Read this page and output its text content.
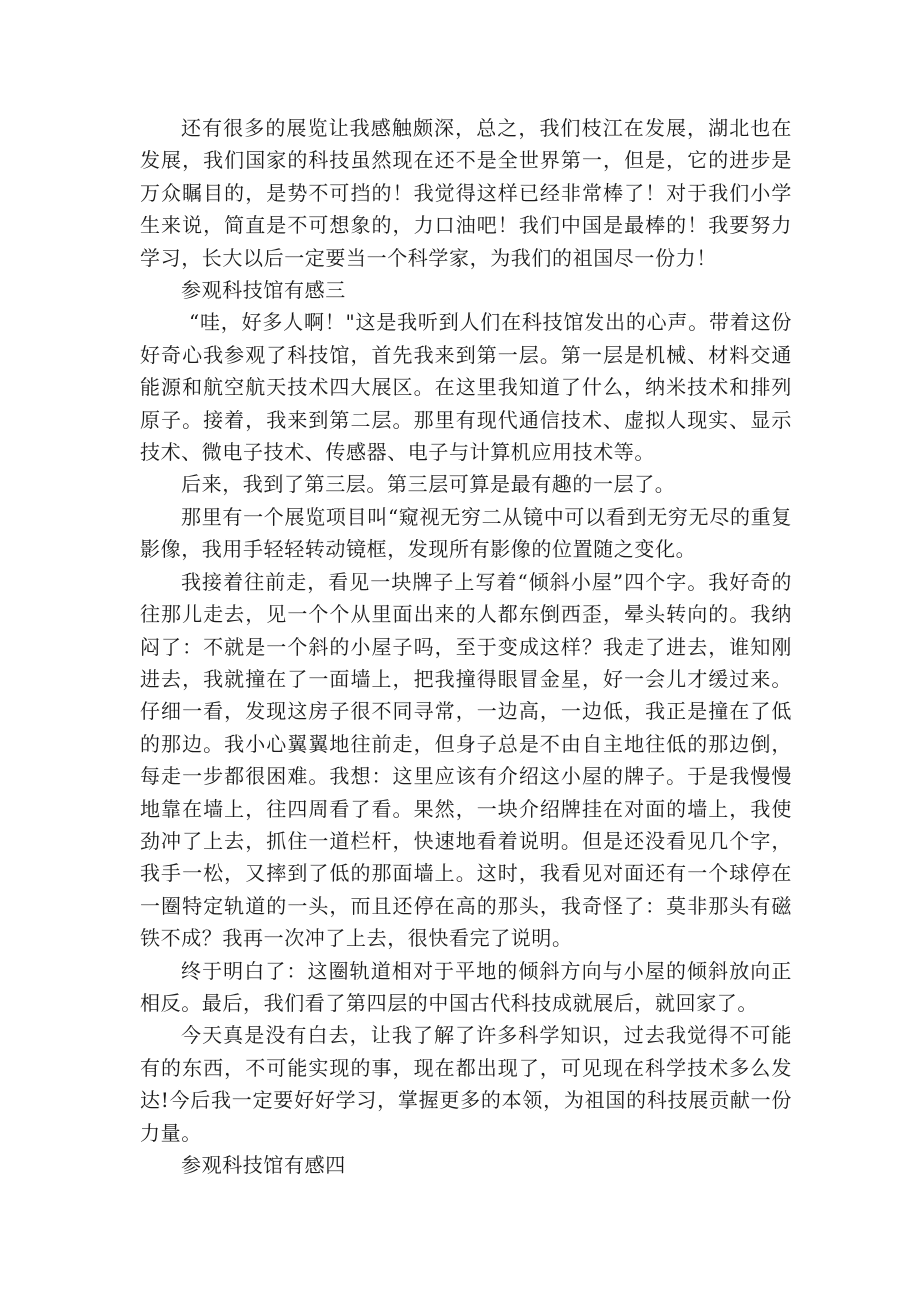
还有很多的展览让我感触颇深，总之，我们枝江在发展，湖北也在发展，我们国家的科技虽然现在还不是全世界第一，但是，它的进步是万众瞩目的，是势不可挡的！我觉得这样已经非常棒了！对于我们小学生来说，简直是不可想象的，力口油吧！我们中国是最棒的！我要努力学习，长大以后一定要当一个科学家，为我们的祖国尽一份力！

参观科技馆有感三

“哇，好多人啊！"这是我听到人们在科技馆发出的心声。带着这份好奇心我参观了科技馆，首先我来到第一层。第一层是机械、材料交通能源和航空航天技术四大展区。在这里我知道了什么，纳米技术和排列原子。接着，我来到第二层。那里有现代通信技术、虚拟人现实、显示技术、微电子技术、传感器、电子与计算机应用技术等。

后来，我到了第三层。第三层可算是最有趣的一层了。

那里有一个展览项目叫“窥视无穷二从镜中可以看到无穷无尽的重复影像，我用手轻轻转动镜框，发现所有影像的位置随之变化。

我接着往前走，看见一块牌子上写着“倾斜小屋”四个字。我好奇的往那儿走去，见一个个从里面出来的人都东倒西歪，晕头转向的。我纳闷了：不就是一个斜的小屋子吗，至于变成这样？我走了进去，谁知刚进去，我就撞在了一面墙上，把我撞得眼冒金星，好一会儿才缓过来。仔细一看，发现这房子很不同寻常，一边高，一边低，我正是撞在了低的那边。我小心翼翼地往前走，但身子总是不由自主地往低的那边倒，每走一步都很困难。我想：这里应该有介绍这小屋的牌子。于是我慢慢地靠在墙上，往四周看了看。果然，一块介绍牌挂在对面的墙上，我使劲冲了上去，抓住一道栏杆，快速地看着说明。但是还没看见几个字，我手一松，又摔到了低的那面墙上。这时，我看见对面还有一个球停在一圈特定轨道的一头，而且还停在高的那头，我奇怪了：莫非那头有磁铁不成？我再一次冲了上去，很快看完了说明。

终于明白了：这圈轨道相对于平地的倾斜方向与小屋的倾斜放向正相反。最后，我们看了第四层的中国古代科技成就展后，就回家了。

今天真是没有白去，让我了解了许多科学知识，过去我觉得不可能有的东西，不可能实现的事，现在都出现了，可见现在科学技术多么发达!今后我一定要好好学习，掌握更多的本领，为祖国的科技展贡献一份力量。

参观科技馆有感四
